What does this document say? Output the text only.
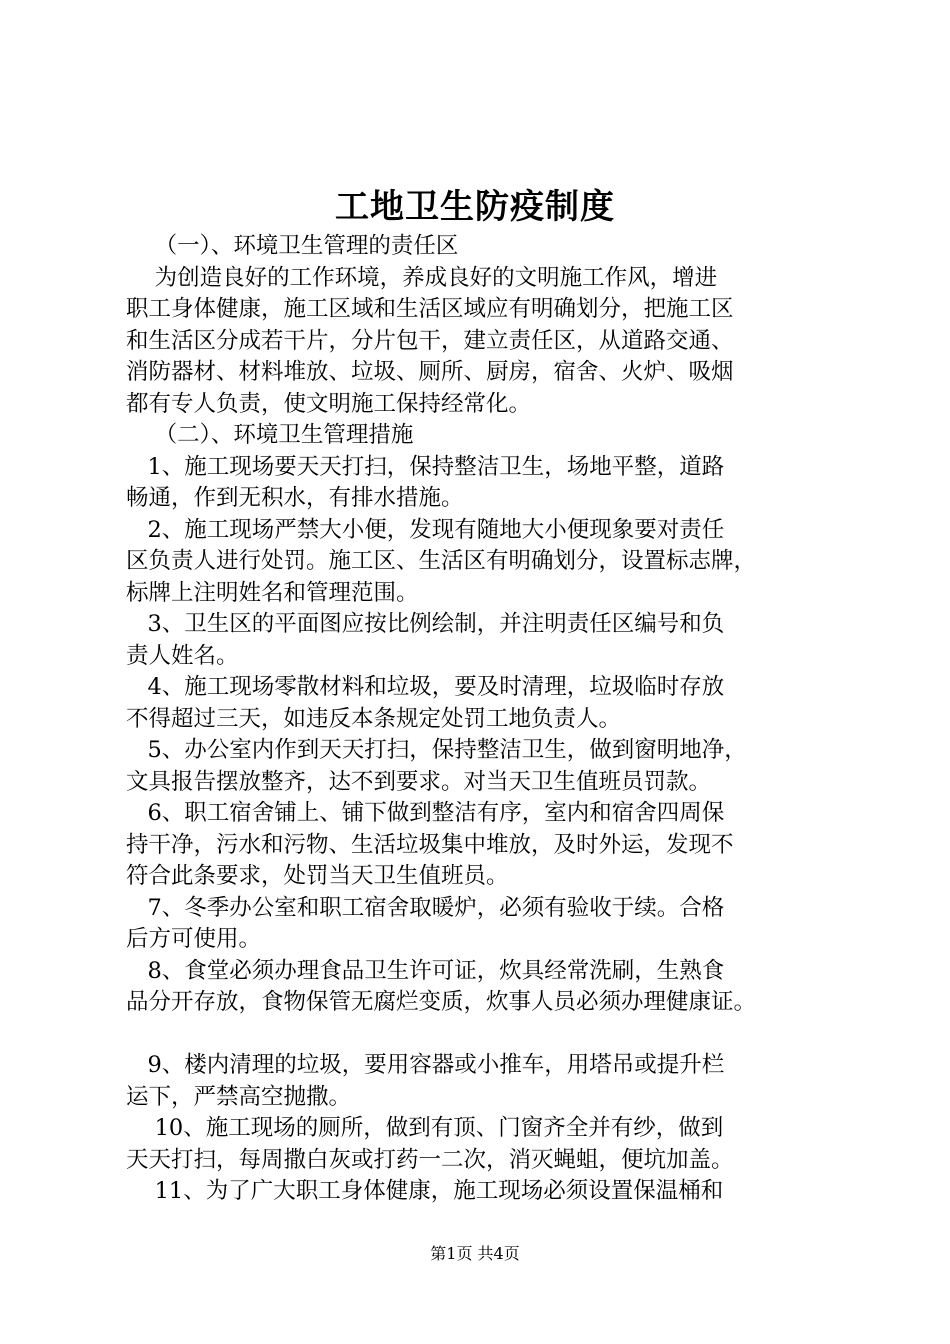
工地卫生防疫制度
（一）、环境卫生管理的责任区
为创造良好的工作环境，养成良好的文明施工作风，增进
职工身体健康，施工区域和生活区域应有明确划分，把施工区
和生活区分成若干片，分片包干，建立责任区，从道路交通、
消防器材、材料堆放、垃圾、厕所、厨房，宿舍、火炉、吸烟
都有专人负责，使文明施工保持经常化。
（二）、环境卫生管理措施
1、施工现场要天天打扫，保持整洁卫生，场地平整，道路
畅通，作到无积水，有排水措施。
2、施工现场严禁大小便，发现有随地大小便现象要对责任
区负责人进行处罚。施工区、生活区有明确划分，设置标志牌，
标牌上注明姓名和管理范围。
3、卫生区的平面图应按比例绘制，并注明责任区编号和负
责人姓名。
4、施工现场零散材料和垃圾，要及时清理，垃圾临时存放
不得超过三天，如违反本条规定处罚工地负责人。
5、办公室内作到天天打扫，保持整洁卫生，做到窗明地净，
文具报告摆放整齐，达不到要求。对当天卫生值班员罚款。
6、职工宿舍铺上、铺下做到整洁有序，室内和宿舍四周保
持干净，污水和污物、生活垃圾集中堆放，及时外运，发现不
符合此条要求，处罚当天卫生值班员。
7、冬季办公室和职工宿舍取暖炉，必须有验收于续。合格
后方可使用。
8、食堂必须办理食品卫生许可证，炊具经常洗刷，生熟食
品分开存放，食物保管无腐烂变质，炊事人员必须办理健康证。
9、楼内清理的垃圾，要用容器或小推车，用塔吊或提升栏
运下，严禁高空抛撒。
10、施工现场的厕所，做到有顶、门窗齐全并有纱，做到
天天打扫，每周撒白灰或打药一二次，消灭蝇蛆，便坑加盖。
11、为了广大职工身体健康，施工现场必须设置保温桶和
第1页 共4页
